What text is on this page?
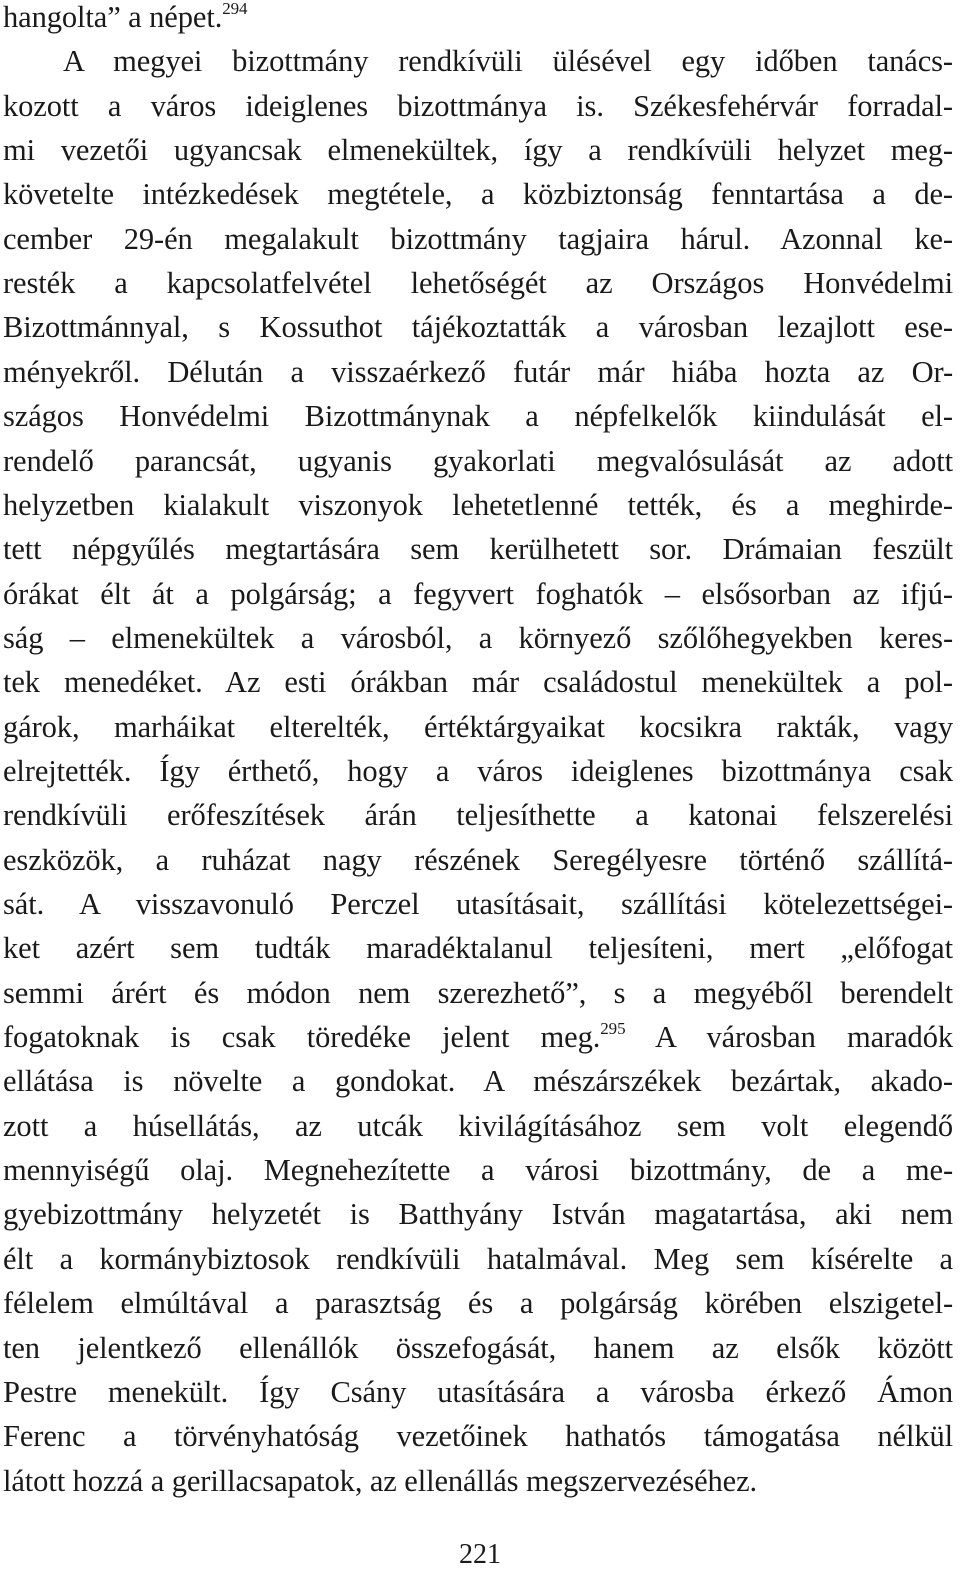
hangolta” a népet.$^{294}$
A megyei bizottmány rendkívüli ülésével egy időben tanács-
kozott a város ideiglenes bizottmánya is. Székesfehérvár forradal-
mi vezetői ugyancsak elmenekültek, így a rendkívüli helyzet meg-
követelte intézkedések megtétele, a közbiztonság fenntartása a de-
cember 29-én megalakult bizottmány tagjaira hárul. Azonnal ke-
resték a kapcsolatfelvétel lehetőségét az Országos Honvédelmi
Bizottmánnyal, s Kossuthot tájékoztatták a városban lezajlott ese-
ményekről. Délután a visszaérkező futár már hiába hozta az Or-
szágos Honvédelmi Bizottmánynak a népfelkelők kiindulását el-
rendelő parancsát, ugyanis gyakorlati megvalósulását az adott
helyzetben kialakult viszonyok lehetetlenné tették, és a meghirde-
tett népgyűlés megtartására sem kerülhetett sor. Drámaian feszült
órákat élt át a polgárság; a fegyvert foghatók – elsősorban az ifjú-
ság – elmenekültek a városból, a környező szőlőhegyekben keres-
tek menedéket. Az esti órákban már családostul menekültek a pol-
gárok, marháikat elterelték, értéktárgyaikat kocsikra rakták, vagy
elrejtették. Így érthető, hogy a város ideiglenes bizottmánya csak
rendkívüli erőfeszítések árán teljesíthette a katonai felszerelési
eszközök, a ruházat nagy részének Seregélyesre történő szállítá-
sát. A visszavonuló Perczel utasításait, szállítási kötelezettségei-
ket azért sem tudták maradéktalanul teljesíteni, mert „előfogat
semmi árért és módon nem szerezhető”, s a megyéből berendelt
fogatoknak is csak töredéke jelent meg.$^{295}$ A városban maradók
ellátása is növelte a gondokat. A mészárszékek bezártak, akado-
zott a húsellátás, az utcák kivilágításához sem volt elegendő
mennyiségű olaj. Megnehezítette a városi bizottmány, de a me-
gyebizottmány helyzetét is Batthyány István magatartása, aki nem
élt a kormánybiztosok rendkívüli hatalmával. Meg sem kísérelte a
félelem elmúltával a parasztság és a polgárság körében elszigetel-
ten jelentkező ellenállók összefogását, hanem az elsők között
Pestre menekült. Így Csány utasítására a városba érkező Ámon
Ferenc a törvényhatóság vezetőinek hathatós támogatása nélkül
látott hozzá a gerillacsapatok, az ellenállás megszervezéséhez.
221
